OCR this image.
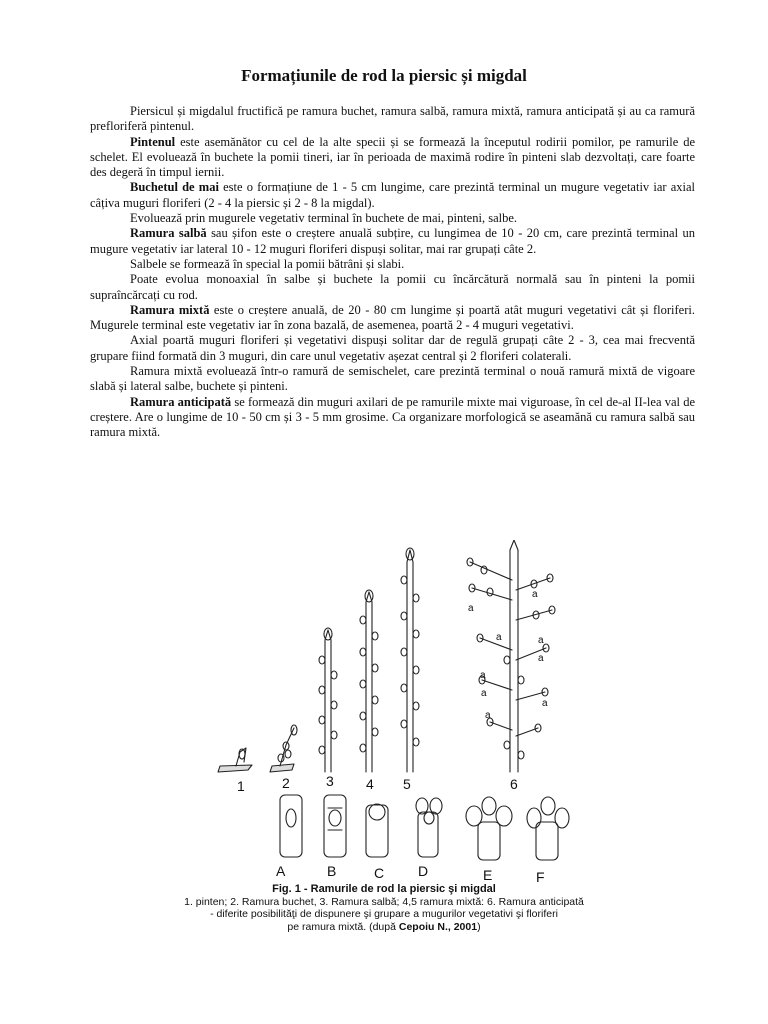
Formațiunile de rod la piersic și migdal

Piersicul și migdalul fructifică pe ramura buchet, ramura salbă, ramura mixtă, ramura anticipată și au ca ramură prefloriferă pintenul.

Pintenul este asemănător cu cel de la alte specii și se formează la începutul rodirii pomilor, pe ramurile de schelet. El evoluează în buchete la pomii tineri, iar în perioada de maximă rodire în pinteni slab dezvoltați, care foarte des degeră în timpul iernii.

Buchetul de mai este o formațiune de 1 - 5 cm lungime, care prezintă terminal un mugure vegetativ iar axial câțiva muguri floriferi (2 - 4 la piersic și 2 - 8 la migdal).

Evoluează prin mugurele vegetativ terminal în buchete de mai, pinteni, salbe.

Ramura salbă sau șifon este o creștere anuală subțire, cu lungimea de 10 - 20 cm, care prezintă terminal un mugure vegetativ iar lateral 10 - 12 muguri floriferi dispuși solitar, mai rar grupați câte 2.

Salbele se formează în special la pomii bătrâni și slabi.

Poate evolua monoaxial în salbe și buchete la pomii cu încărcătură normală sau în pinteni la pomii supraîncărcați cu rod.

Ramura mixtă este o creștere anuală, de 20 - 80 cm lungime și poartă atât muguri vegetativi cât și floriferi. Mugurele terminal este vegetativ iar în zona bazală, de asemenea, poartă 2 - 4 muguri vegetativi.

Axial poartă muguri floriferi și vegetativi dispuși solitar dar de regulă grupați câte 2 - 3, cea mai frecventă grupare fiind formată din 3 muguri, din care unul vegetativ așezat central și 2 floriferi colaterali.

Ramura mixtă evoluează într-o ramură de semischelet, care prezintă terminal o nouă ramură mixtă de vigoare slabă și lateral salbe, buchete și pinteni.

Ramura anticipată se formează din muguri axilari de pe ramurile mixte mai viguroase, în cel de-al II-lea val de creștere. Are o lungime de 10 - 50 cm și 3 - 5 mm grosime. Ca organizare morfologică se aseamănă cu ramura salbă sau ramura mixtă.

1	2	3 4 5	6
A	B	C D	E	F
a
a
a
a
a
a
a
a
a
Fig. 1 - Ramurile de rod la piersic şi migdal
1. pinten; 2. Ramura buchet, 3. Ramura salbă; 4,5 ramura mixtă: 6. Ramura anticipată
- diferite posibilităţi de dispunere şi grupare a mugurilor vegetativi şi floriferi
pe ramura mixtă. (după Cepoiu N., 2001)
